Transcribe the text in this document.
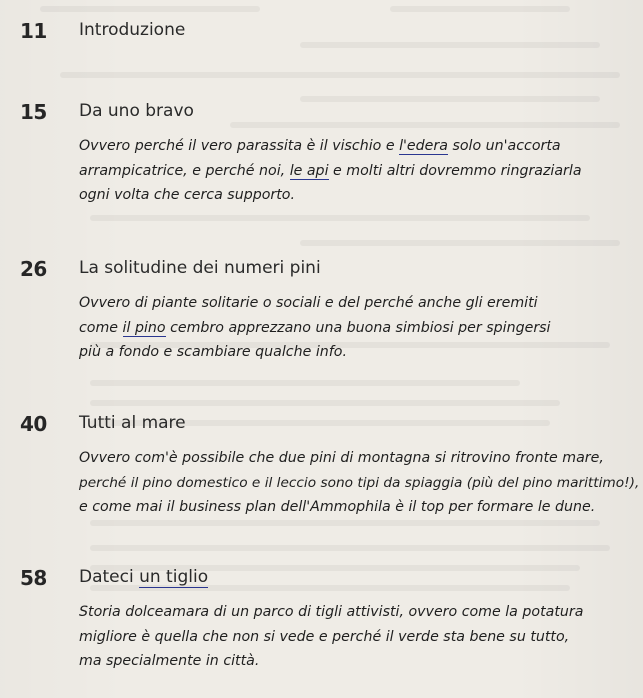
11 Introduzione
15 Da uno bravo
Ovvero perché il vero parassita è il vischio e l'edera solo un'accorta
arrampicatrice, e perché noi, le api e molti altri dovremmo ringraziarla
ogni volta che cerca supporto.
26 La solitudine dei numeri pini
Ovvero di piante solitarie o sociali e del perché anche gli eremiti
come il pino cembro apprezzano una buona simbiosi per spingersi
più a fondo e scambiare qualche info.
40 Tutti al mare
Ovvero com'è possibile che due pini di montagna si ritrovino fronte mare,
perché il pino domestico e il leccio sono tipi da spiaggia (più del pino marittimo!),
e come mai il business plan dell'Ammophila è il top per formare le dune.
58 Dateci un tiglio
Storia dolceamara di un parco di tigli attivisti, ovvero come la potatura
migliore è quella che non si vede e perché il verde sta bene su tutto,
ma specialmente in città.
